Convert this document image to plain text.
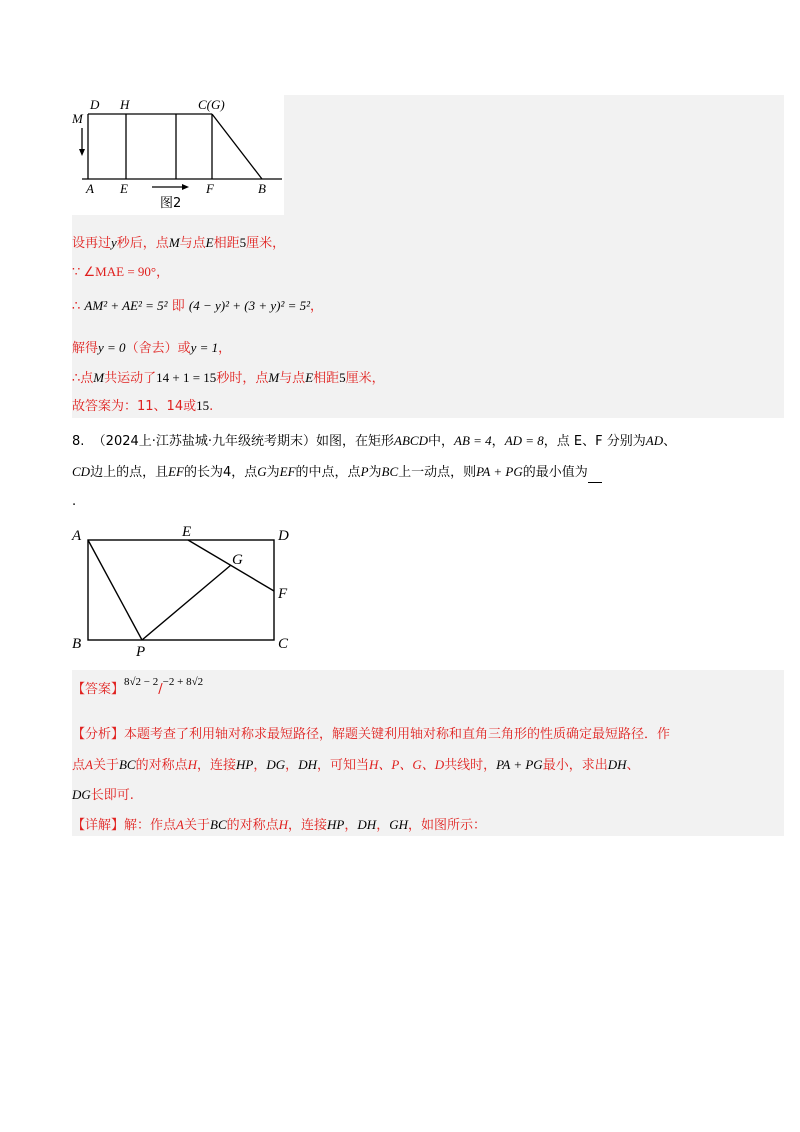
D H	C(G)
M
A E	F	B
图2
设再过y秒后，点M与点E相距5厘米，
∵ ∠MAE = 90°，
∴ AM² + AE² = 5² 即 (4 − y)² + (3 + y)² = 5²，
解得y = 0（舍去）或y = 1，
∴点M共运动了14 + 1 = 15秒时，点M与点E相距5厘米，
故答案为：11、14或15.
8. （2024上·江苏盐城·九年级统考期末）如图，在矩形ABCD中，AB = 4，AD = 8，点 E、F 分别为AD、
CD边上的点，且EF的长为4，点G为EF的中点，点P为BC上一动点，则PA + PG的最小值为
.
A	E	D
G
F
B	P	C
【答案】$^{8√2 - 2}$/$^{-2 + 8√2}$
【分析】本题考查了利用轴对称求最短路径，解题关键利用轴对称和直角三角形的性质确定最短路径．作
点A关于BC的对称点H，连接HP，DG，DH，可知当H、P、G、D共线时，PA + PG最小，求出DH、
DG长即可.
【详解】解：作点A关于BC的对称点H，连接HP，DH，GH，如图所示：
